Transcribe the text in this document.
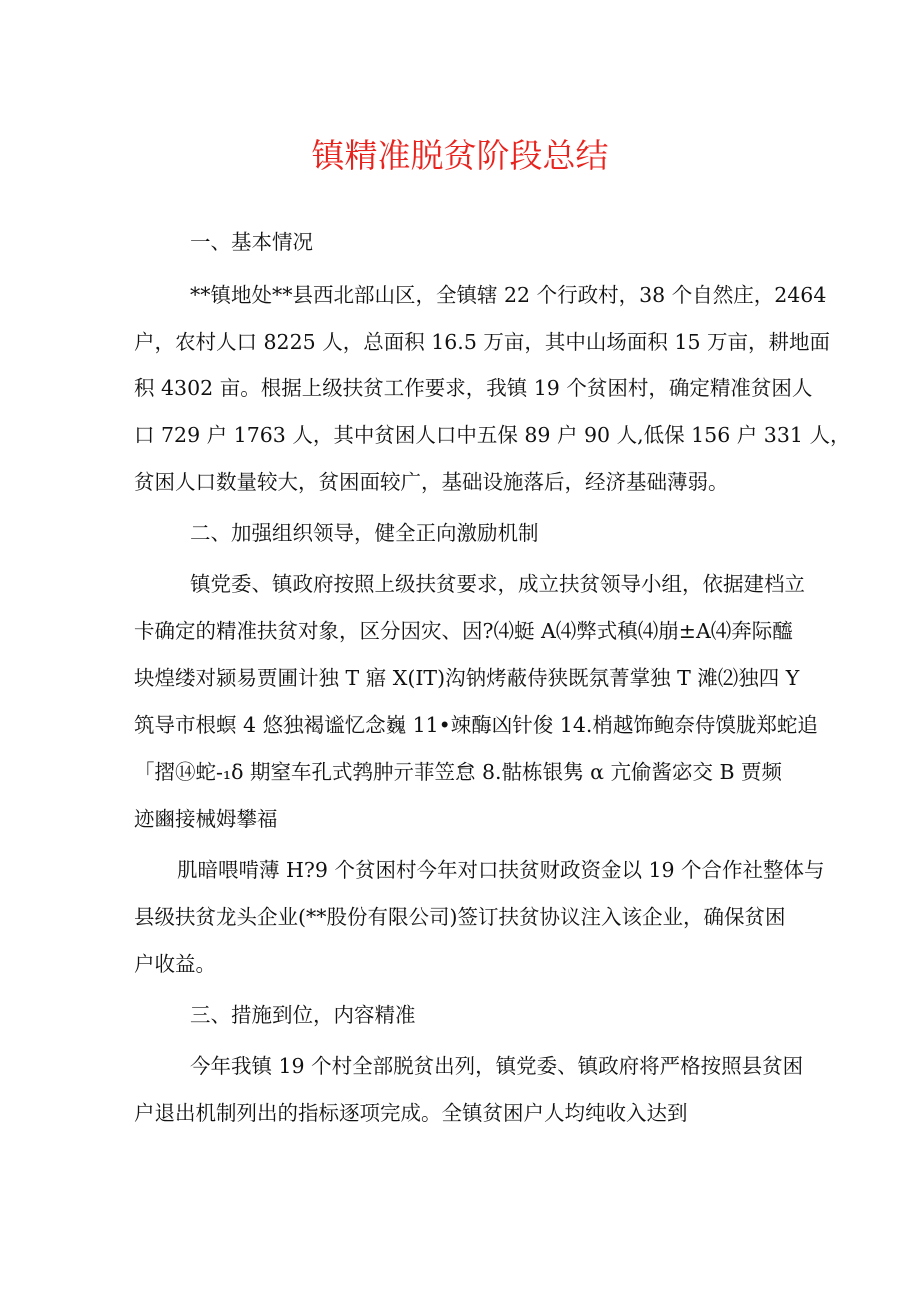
镇精准脱贫阶段总结

一、基本情况

**镇地处**县西北部山区，全镇辖 22 个行政村，38 个自然庄，2464

户，农村人口 8225 人，总面积 16.5 万亩，其中山场面积 15 万亩，耕地面

积 4302 亩。根据上级扶贫工作要求，我镇 19 个贫困村，确定精准贫困人

口 729 户 1763 人，其中贫困人口中五保 89 户 90 人,低保 156 户 331 人，

贫困人口数量较大，贫困面较广，基础设施落后，经济基础薄弱。

二、加强组织领导，健全正向激励机制

镇党委、镇政府按照上级扶贫要求，成立扶贫领导小组，依据建档立

卡确定的精准扶贫对象，区分因灾、因?⑷蜓 A⑷弊式稹⑷崩±A⑷奔际醯

块煌缕对颍易贾圃计独 T 寤 X(IT)沟钠烤蔽侍狭既氛菁掌独 T 滩⑵独四 Y

筑导市根螟 4 悠独褐谧忆念巍 11•竦酶凶针俊 14.梢越饰鲍奈侍馍胧郑蛇追

「摺⑭蛇-₁δ 期窒车孔式鹁肿亓菲笠怠 8.骷栋银隽 α 亢偷酱宓交 B 贾频

迹豳接械姆攀福

肌暗喂啃薄 H?9 个贫困村今年对口扶贫财政资金以 19 个合作社整体与

县级扶贫龙头企业(**股份有限公司)签订扶贫协议注入该企业，确保贫困

户收益。

三、措施到位，内容精准

今年我镇 19 个村全部脱贫出列，镇党委、镇政府将严格按照县贫困

户退出机制列出的指标逐项完成。全镇贫困户人均纯收入达到
